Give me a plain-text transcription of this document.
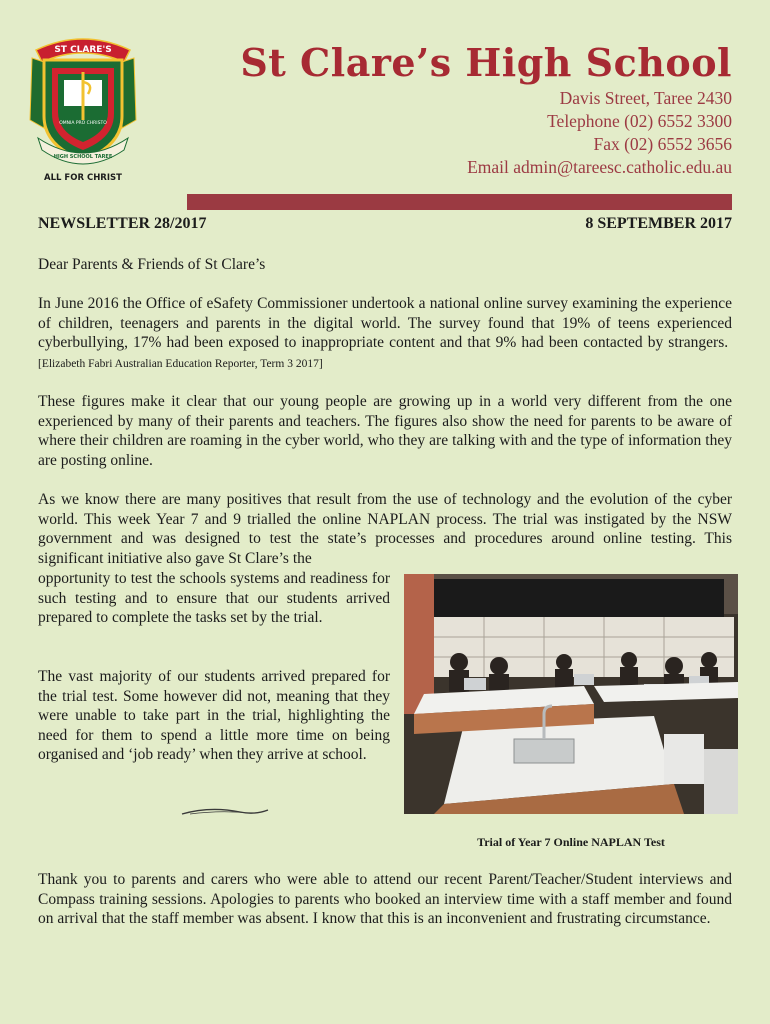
ST CLARE'S
OMNIA PRO CHRISTO
HIGH SCHOOL TAREE
ALL FOR CHRIST
St Clare’s High School
Davis Street, Taree 2430
Telephone (02) 6552 3300
Fax (02) 6552 3656
Email admin@tareesc.catholic.edu.au
NEWSLETTER 28/2017	8 SEPTEMBER 2017

Dear Parents & Friends of St Clare’s

In June 2016 the Office of eSafety Commissioner undertook a national online survey examining the experience of children, teenagers and parents in the digital world. The survey found that 19% of teens experienced cyberbullying, 17% had been exposed to inappropriate content and that 9% had been contacted by strangers.  [Elizabeth Fabri Australian Education Reporter, Term 3 2017]

These figures make it clear that our young people are growing up in a world very different from the one experienced by many of their parents and teachers. The figures also show the need for parents to be aware of where their children are roaming in the cyber world, who they are talking with and the type of information they are posting online.

As we know there are many positives that result from the use of technology and the evolution of the cyber world. This week Year 7 and 9 trialled the online NAPLAN process. The trial was instigated by the NSW government and was designed to test the state’s processes and procedures around online testing. This significant initiative also gave St Clare’s the

opportunity to test the schools systems and readiness for such testing and to ensure that our students arrived prepared to complete the tasks set by the trial.

The vast majority of our students arrived prepared for the trial test. Some however did not, meaning that they were unable to take part in the trial, highlighting the need for them to spend a little more time on being organised and ‘job ready’ when they arrive at school.

Trial of Year 7 Online NAPLAN Test

Thank you to parents and carers who were able to attend our recent Parent/Teacher/Student interviews and Compass training sessions. Apologies to parents who booked an interview time with a staff member and found on arrival that the staff member was absent. I know that this is an inconvenient and frustrating circumstance.
